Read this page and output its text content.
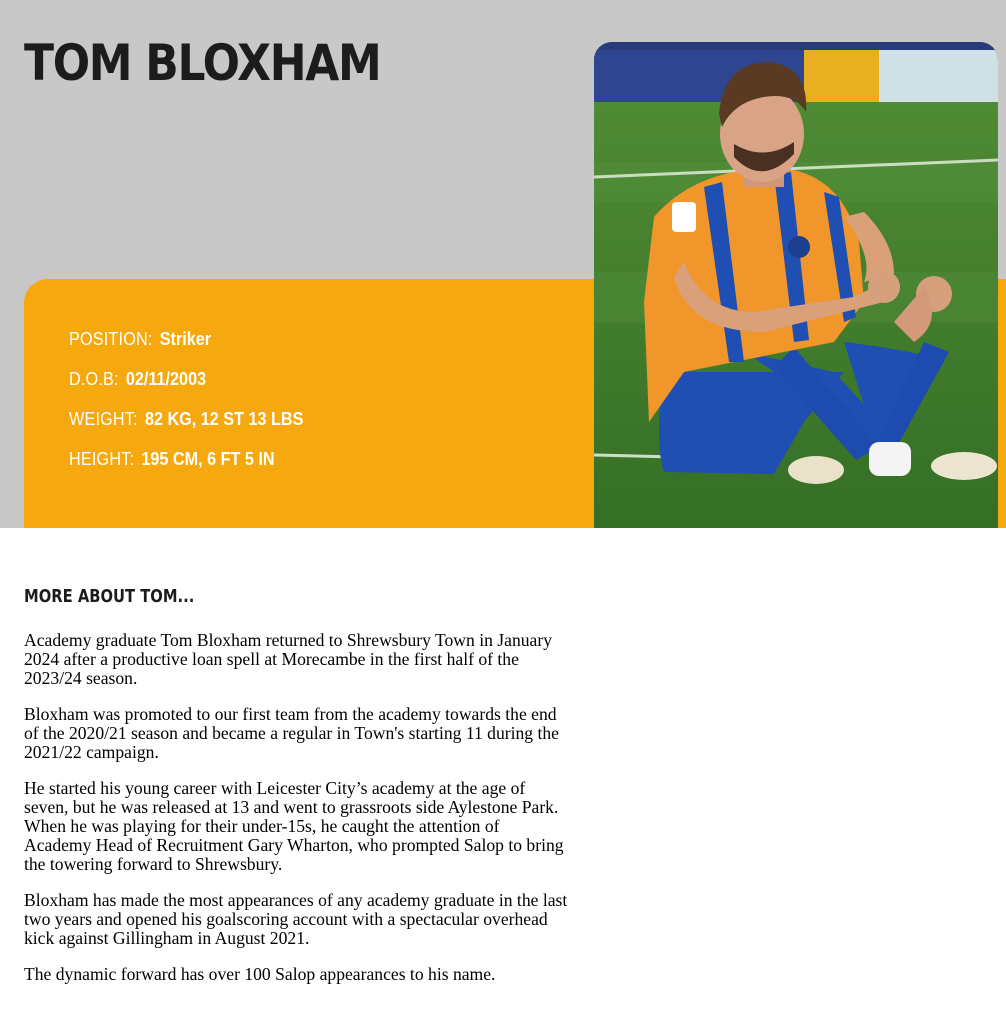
TOM BLOXHAM
POSITION: Striker
D.O.B: 02/11/2003
WEIGHT: 82 KG, 12 ST 13 LBS
HEIGHT: 195 CM, 6 FT 5 IN
MORE ABOUT TOM...

Academy graduate Tom Bloxham returned to Shrewsbury Town in January 2024 after a productive loan spell at Morecambe in the first half of the 2023/24 season.

Bloxham was promoted to our first team from the academy towards the end of the 2020/21 season and became a regular in Town's starting 11 during the 2021/22 campaign.

He started his young career with Leicester City’s academy at the age of seven, but he was released at 13 and went to grassroots side Aylestone Park. When he was playing for their under-15s, he caught the attention of Academy Head of Recruitment Gary Wharton, who prompted Salop to bring the towering forward to Shrewsbury.

Bloxham has made the most appearances of any academy graduate in the last two years and opened his goalscoring account with a spectacular overhead kick against Gillingham in August 2021.

The dynamic forward has over 100 Salop appearances to his name.
